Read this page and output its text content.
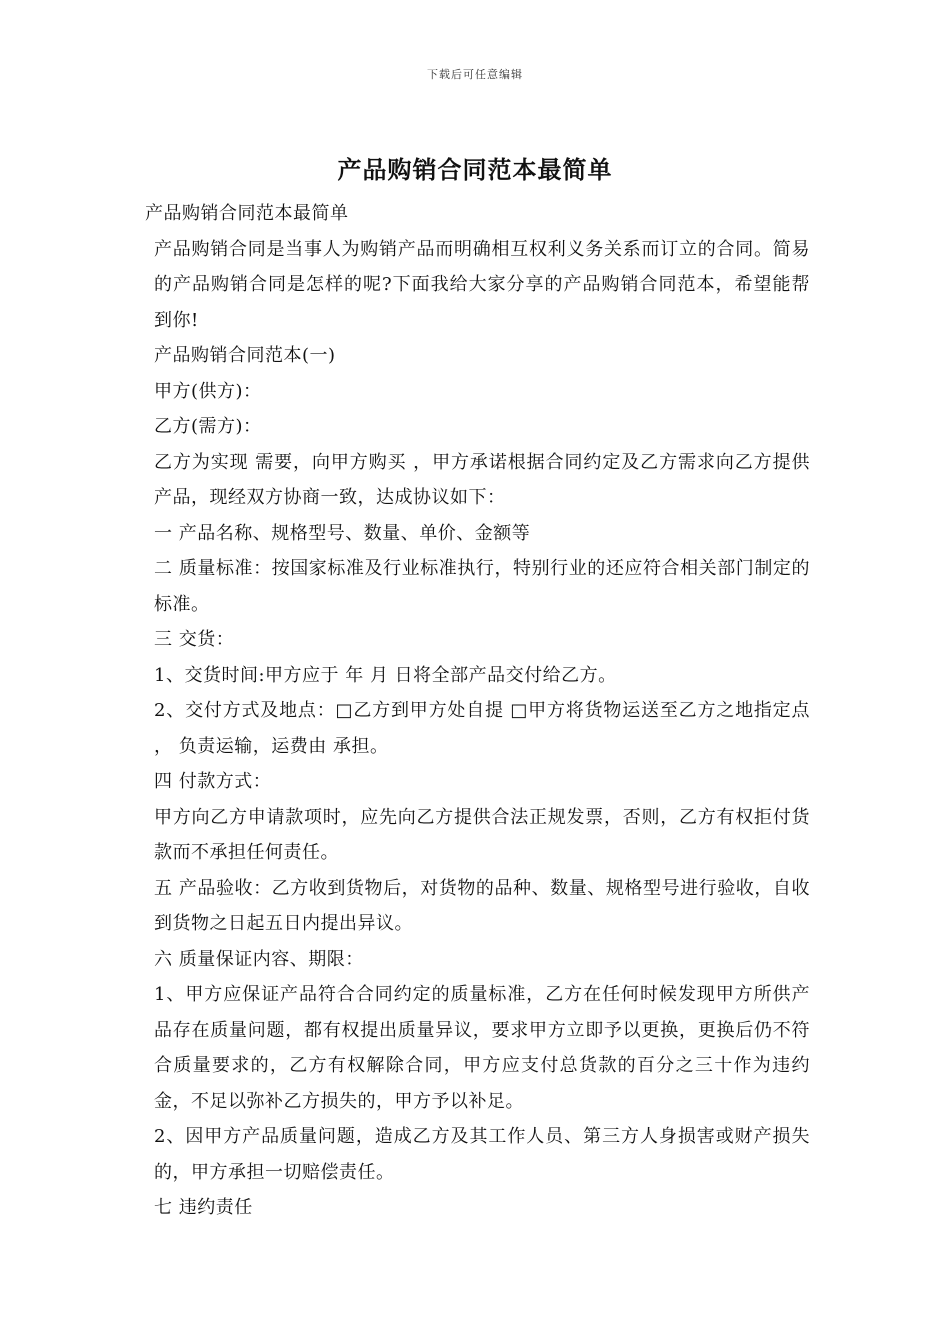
下载后可任意编辑
产品购销合同范本最简单

产品购销合同范本最简单

产品购销合同是当事人为购销产品而明确相互权利义务关系而订立的合同。简易的产品购销合同是怎样的呢?下面我给大家分享的产品购销合同范本，希望能帮到你!

产品购销合同范本(一)

甲方(供方)：

乙方(需方)：

乙方为实现 需要，向甲方购买 ，甲方承诺根据合同约定及乙方需求向乙方提供产品，现经双方协商一致，达成协议如下：

一 产品名称、规格型号、数量、单价、金额等

二 质量标准：按国家标准及行业标准执行，特别行业的还应符合相关部门制定的标准。

三 交货：

1、交货时间:甲方应于 年 月 日将全部产品交付给乙方。

2、交付方式及地点：□乙方到甲方处自提 □甲方将货物运送至乙方之地指定点 ， 负责运输，运费由 承担。

四 付款方式：

甲方向乙方申请款项时，应先向乙方提供合法正规发票，否则，乙方有权拒付货款而不承担任何责任。

五 产品验收：乙方收到货物后，对货物的品种、数量、规格型号进行验收，自收到货物之日起五日内提出异议。

六 质量保证内容、期限：

1、甲方应保证产品符合合同约定的质量标准，乙方在任何时候发现甲方所供产品存在质量问题，都有权提出质量异议，要求甲方立即予以更换，更换后仍不符合质量要求的，乙方有权解除合同，甲方应支付总货款的百分之三十作为违约金，不足以弥补乙方损失的，甲方予以补足。

2、因甲方产品质量问题，造成乙方及其工作人员、第三方人身损害或财产损失的，甲方承担一切赔偿责任。

七 违约责任
